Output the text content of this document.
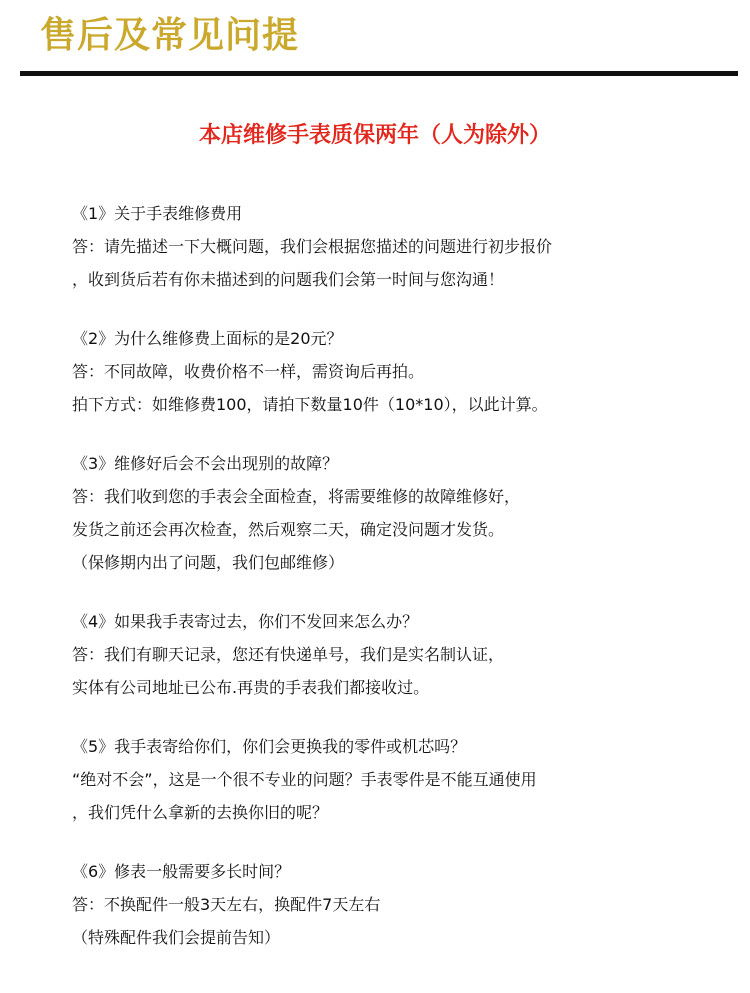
售后及常见问提
本店维修手表质保两年（人为除外）
《1》关于手表维修费用
答：请先描述一下大概问题，我们会根据您描述的问题进行初步报价
，收到货后若有你未描述到的问题我们会第一时间与您沟通！
《2》为什么维修费上面标的是20元？
答：不同故障，收费价格不一样，需资询后再拍。
拍下方式：如维修费100，请拍下数量10件（10*10），以此计算。
《3》维修好后会不会出现别的故障？
答：我们收到您的手表会全面检查，将需要维修的故障维修好，
发货之前还会再次检查，然后观察二天，确定没问题才发货。
（保修期内出了问题，我们包邮维修）
《4》如果我手表寄过去，你们不发回来怎么办？
答：我们有聊天记录，您还有快递单号，我们是实名制认证，
实体有公司地址已公布.再贵的手表我们都接收过。
《5》我手表寄给你们，你们会更换我的零件或机芯吗？
“绝对不会”，这是一个很不专业的问题？手表零件是不能互通使用
，我们凭什么拿新的去换你旧的呢？
《6》修表一般需要多长时间？
答：不换配件一般3天左右，换配件7天左右
（特殊配件我们会提前告知）
